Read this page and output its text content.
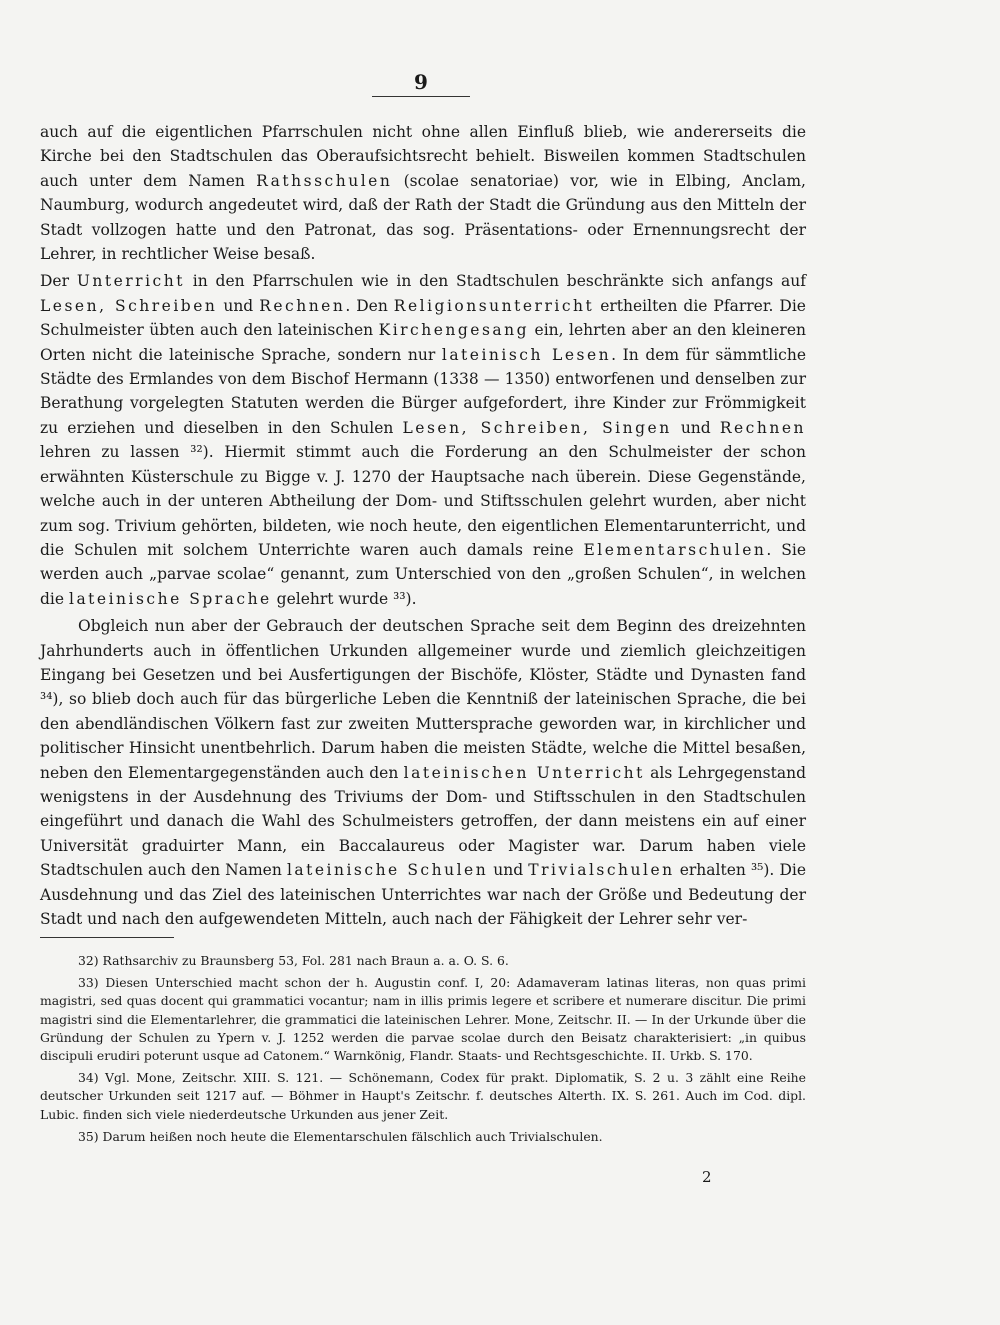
9

auch auf die eigentlichen Pfarrschulen nicht ohne allen Einfluß blieb, wie andererseits die Kirche bei den Stadtschulen das Oberaufsichtsrecht behielt. Bisweilen kommen Stadtschulen auch unter dem Namen Rathsschulen (scolae senatoriae) vor, wie in Elbing, Anclam, Naumburg, wodurch angedeutet wird, daß der Rath der Stadt die Gründung aus den Mitteln der Stadt vollzogen hatte und den Patronat, das sog. Präsentations- oder Ernennungsrecht der Lehrer, in rechtlicher Weise besaß.

Der Unterricht in den Pfarrschulen wie in den Stadtschulen beschränkte sich anfangs auf Lesen, Schreiben und Rechnen. Den Religionsunterricht ertheilten die Pfarrer. Die Schulmeister übten auch den lateinischen Kirchengesang ein, lehrten aber an den kleineren Orten nicht die lateinische Sprache, sondern nur lateinisch Lesen. In dem für sämmtliche Städte des Ermlandes von dem Bischof Hermann (1338 — 1350) entworfenen und denselben zur Berathung vorgelegten Statuten werden die Bürger aufgefordert, ihre Kinder zur Frömmigkeit zu erziehen und dieselben in den Schulen Lesen, Schreiben, Singen und Rechnen lehren zu lassen ³²). Hiermit stimmt auch die Forderung an den Schulmeister der schon erwähnten Küsterschule zu Bigge v. J. 1270 der Hauptsache nach überein. Diese Gegenstände, welche auch in der unteren Abtheilung der Dom- und Stiftsschulen gelehrt wurden, aber nicht zum sog. Trivium gehörten, bildeten, wie noch heute, den eigentlichen Elementarunterricht, und die Schulen mit solchem Unterrichte waren auch damals reine Elementarschulen. Sie werden auch „parvae scolae“ genannt, zum Unterschied von den „großen Schulen“, in welchen die lateinische Sprache gelehrt wurde ³³).

Obgleich nun aber der Gebrauch der deutschen Sprache seit dem Beginn des dreizehnten Jahrhunderts auch in öffentlichen Urkunden allgemeiner wurde und ziemlich gleichzeitigen Eingang bei Gesetzen und bei Ausfertigungen der Bischöfe, Klöster, Städte und Dynasten fand ³⁴), so blieb doch auch für das bürgerliche Leben die Kenntniß der lateinischen Sprache, die bei den abendländischen Völkern fast zur zweiten Muttersprache geworden war, in kirchlicher und politischer Hinsicht unentbehrlich. Darum haben die meisten Städte, welche die Mittel besaßen, neben den Elementargegenständen auch den lateinischen Unterricht als Lehrgegenstand wenigstens in der Ausdehnung des Triviums der Dom- und Stiftsschulen in den Stadtschulen eingeführt und danach die Wahl des Schulmeisters getroffen, der dann meistens ein auf einer Universität graduirter Mann, ein Baccalaureus oder Magister war. Darum haben viele Stadtschulen auch den Namen lateinische Schulen und Trivialschulen erhalten ³⁵). Die Ausdehnung und das Ziel des lateinischen Unterrichtes war nach der Größe und Bedeutung der Stadt und nach den aufgewendeten Mitteln, auch nach der Fähigkeit der Lehrer sehr ver-

32) Rathsarchiv zu Braunsberg 53, Fol. 281 nach Braun a. a. O. S. 6.

33) Diesen Unterschied macht schon der h. Augustin conf. I, 20: Adamaveram latinas literas, non quas primi magistri, sed quas docent qui grammatici vocantur; nam in illis primis legere et scribere et numerare discitur. Die primi magistri sind die Elementarlehrer, die grammatici die lateinischen Lehrer. Mone, Zeitschr. II. — In der Urkunde über die Gründung der Schulen zu Ypern v. J. 1252 werden die parvae scolae durch den Beisatz charakterisiert: „in quibus discipuli erudiri poterunt usque ad Catonem.“ Warnkönig, Flandr. Staats- und Rechtsgeschichte. II. Urkb. S. 170.

34) Vgl. Mone, Zeitschr. XIII. S. 121. — Schönemann, Codex für prakt. Diplomatik, S. 2 u. 3 zählt eine Reihe deutscher Urkunden seit 1217 auf. — Böhmer in Haupt's Zeitschr. f. deutsches Alterth. IX. S. 261. Auch im Cod. dipl. Lubic. finden sich viele niederdeutsche Urkunden aus jener Zeit.

35) Darum heißen noch heute die Elementarschulen fälschlich auch Trivialschulen.

2
